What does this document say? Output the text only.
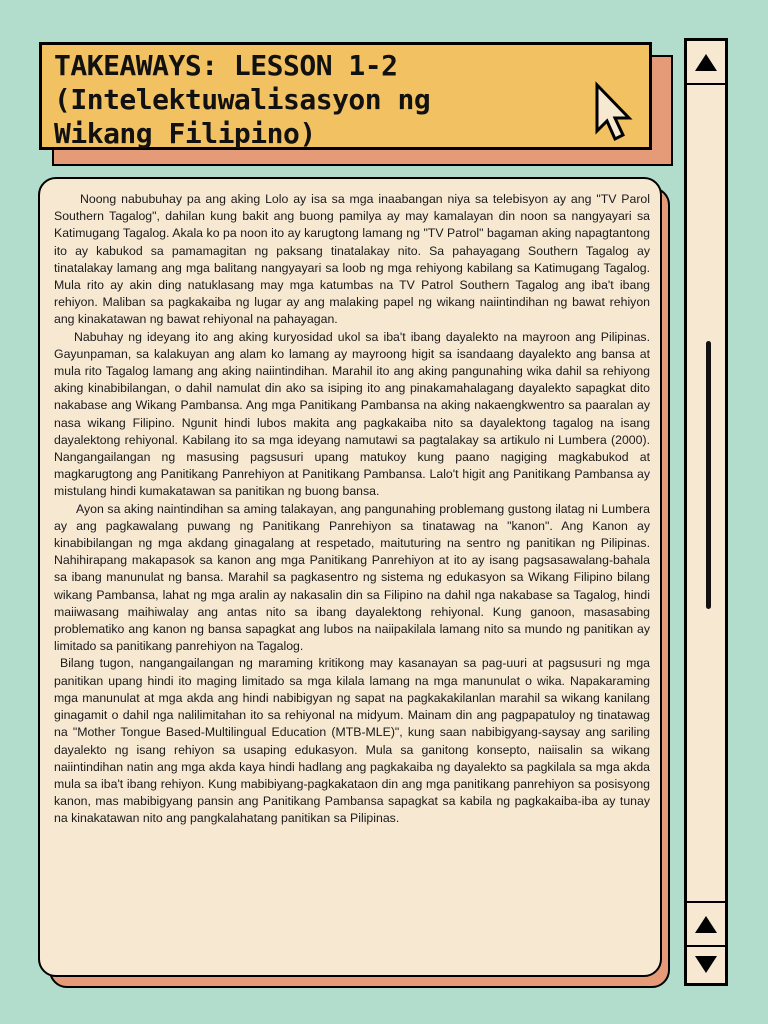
TAKEAWAYS: LESSON 1-2
(Intelektuwalisasyon ng
Wikang Filipino)

Noong nabubuhay pa ang aking Lolo ay isa sa mga inaabangan niya sa telebisyon ay ang "TV Parol Southern Tagalog", dahilan kung bakit ang buong pamilya ay may kamalayan din noon sa nangyayari sa Katimugang Tagalog. Akala ko pa noon ito ay karugtong lamang ng "TV Patrol" bagaman aking napagtantong ito ay kabukod sa pamamagitan ng paksang tinatalakay nito. Sa pahayagang Southern Tagalog ay tinatalakay lamang ang mga balitang nangyayari sa loob ng mga rehiyong kabilang sa Katimugang Tagalog. Mula rito ay akin ding natuklasang may mga katumbas na TV Patrol Southern Tagalog ang iba't ibang rehiyon. Maliban sa pagkakaiba ng lugar ay ang malaking papel ng wikang naiintindihan ng bawat rehiyon ang kinakatawan ng bawat rehiyonal na pahayagan.

Nabuhay ng ideyang ito ang aking kuryosidad ukol sa iba't ibang dayalekto na mayroon ang Pilipinas. Gayunpaman, sa kalakuyan ang alam ko lamang ay mayroong higit sa isandaang dayalekto ang bansa at mula rito Tagalog lamang ang aking naiintindihan. Marahil ito ang aking pangunahing wika dahil sa rehiyong aking kinabibilangan, o dahil namulat din ako sa isiping ito ang pinakamahalagang dayalekto sapagkat dito nakabase ang Wikang Pambansa. Ang mga Panitikang Pambansa na aking nakaengkwentro sa paaralan ay nasa wikang Filipino. Ngunit hindi lubos makita ang pagkakaiba nito sa dayalektong tagalog na isang dayalektong rehiyonal. Kabilang ito sa mga ideyang namutawi sa pagtalakay sa artikulo ni Lumbera (2000). Nangangailangan ng masusing pagsusuri upang matukoy kung paano nagiging magkabukod at magkarugtong ang Panitikang Panrehiyon at Panitikang Pambansa. Lalo't higit ang Panitikang Pambansa ay mistulang hindi kumakatawan sa panitikan ng buong bansa.

Ayon sa aking naintindihan sa aming talakayan, ang pangunahing problemang gustong ilatag ni Lumbera ay ang pagkawalang puwang ng Panitikang Panrehiyon sa tinatawag na "kanon". Ang Kanon ay kinabibilangan ng mga akdang ginagalang at respetado, maituturing na sentro ng panitikan ng Pilipinas. Nahihirapang makapasok sa kanon ang mga Panitikang Panrehiyon at ito ay isang pagsasawalang-bahala sa ibang manunulat ng bansa. Marahil sa pagkasentro ng sistema ng edukasyon sa Wikang Filipino bilang wikang Pambansa, lahat ng mga aralin ay nakasalin din sa Filipino na dahil nga nakabase sa Tagalog, hindi maiiwasang maihiwalay ang antas nito sa ibang dayalektong rehiyonal. Kung ganoon, masasabing problematiko ang kanon ng bansa sapagkat ang lubos na naiipakilala lamang nito sa mundo ng panitikan ay limitado sa panitikang panrehiyon na Tagalog.

Bilang tugon, nangangailangan ng maraming kritikong may kasanayan sa pag-uuri at pagsusuri ng mga panitikan upang hindi ito maging limitado sa mga kilala lamang na mga manunulat o wika. Napakaraming mga manunulat at mga akda ang hindi nabibigyan ng sapat na pagkakakilanlan marahil sa wikang kanilang ginagamit o dahil nga nalilimitahan ito sa rehiyonal na midyum. Mainam din ang pagpapatuloy ng tinatawag na "Mother Tongue Based-Multilingual Education (MTB-MLE)", kung saan nabibigyang-saysay ang sariling dayalekto ng isang rehiyon sa usaping edukasyon. Mula sa ganitong konsepto, naiisalin sa wikang naiintindihan natin ang mga akda kaya hindi hadlang ang pagkakaiba ng dayalekto sa pagkilala sa mga akda mula sa iba't ibang rehiyon. Kung mabibiyang-pagkakataon din ang mga panitikang panrehiyon sa posisyong kanon, mas mabibigyang pansin ang Panitikang Pambansa sapagkat sa kabila ng pagkakaiba-iba ay tunay na kinakatawan nito ang pangkalahatang panitikan sa Pilipinas.
